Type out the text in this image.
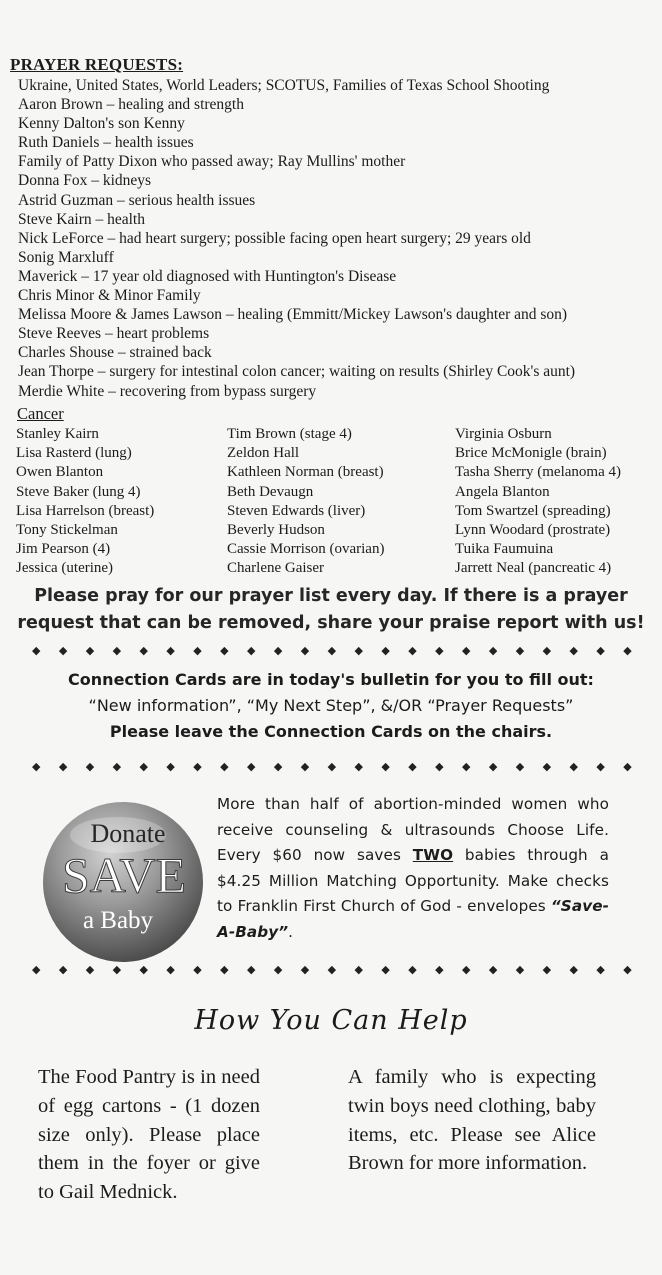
PRAYER REQUESTS:
Ukraine, United States, World Leaders; SCOTUS, Families of Texas School Shooting
Aaron Brown – healing and strength
Kenny Dalton's son Kenny
Ruth Daniels – health issues
Family of Patty Dixon who passed away; Ray Mullins' mother
Donna Fox – kidneys
Astrid Guzman – serious health issues
Steve Kairn – health
Nick LeForce – had heart surgery; possible facing open heart surgery; 29 years old
Sonig Marxluff
Maverick – 17 year old diagnosed with Huntington's Disease
Chris Minor & Minor Family
Melissa Moore & James Lawson – healing (Emmitt/Mickey Lawson's daughter and son)
Steve Reeves – heart problems
Charles Shouse – strained back
Jean Thorpe – surgery for intestinal colon cancer; waiting on results (Shirley Cook's aunt)
Merdie White – recovering from bypass surgery
Cancer
Stanley Kairn
Lisa Rasterd (lung)
Owen Blanton
Steve Baker (lung 4)
Lisa Harrelson (breast)
Tony Stickelman
Jim Pearson (4)
Jessica (uterine)
Tim Brown (stage 4)
Zeldon Hall
Kathleen Norman (breast)
Beth Devaugn
Steven Edwards (liver)
Beverly Hudson
Cassie Morrison (ovarian)
Charlene Gaiser
Virginia Osburn
Brice McMonigle (brain)
Tasha Sherry (melanoma 4)
Angela Blanton
Tom Swartzel (spreading)
Lynn Woodard (prostrate)
Tuika Faumuina
Jarrett Neal (pancreatic 4)
Please pray for our prayer list every day. If there is a prayer
request that can be removed, share your praise report with us!
◆ ◆ ◆ ◆ ◆ ◆ ◆ ◆ ◆ ◆ ◆ ◆ ◆ ◆ ◆ ◆ ◆ ◆ ◆ ◆ ◆ ◆ ◆
Connection Cards are in today's bulletin for you to fill out:
“New information”, “My Next Step”, &/OR “Prayer Requests”
Please leave the Connection Cards on the chairs.
◆ ◆ ◆ ◆ ◆ ◆ ◆ ◆ ◆ ◆ ◆ ◆ ◆ ◆ ◆ ◆ ◆ ◆ ◆ ◆ ◆ ◆ ◆
Donate
SAVE
a Baby
More than half of abortion-minded women who receive counseling & ultrasounds Choose Life. Every $60 now saves TWO babies through a $4.25 Million Matching Opportunity. Make checks to Franklin First Church of God - envelopes “Save-A-Baby”.
◆ ◆ ◆ ◆ ◆ ◆ ◆ ◆ ◆ ◆ ◆ ◆ ◆ ◆ ◆ ◆ ◆ ◆ ◆ ◆ ◆ ◆ ◆
How You Can Help
The Food Pantry is in need of egg cartons - (1 dozen size only). Please place them in the foyer or give to Gail Mednick.
A family who is expecting twin boys need clothing, baby items, etc. Please see Alice Brown for more information.
